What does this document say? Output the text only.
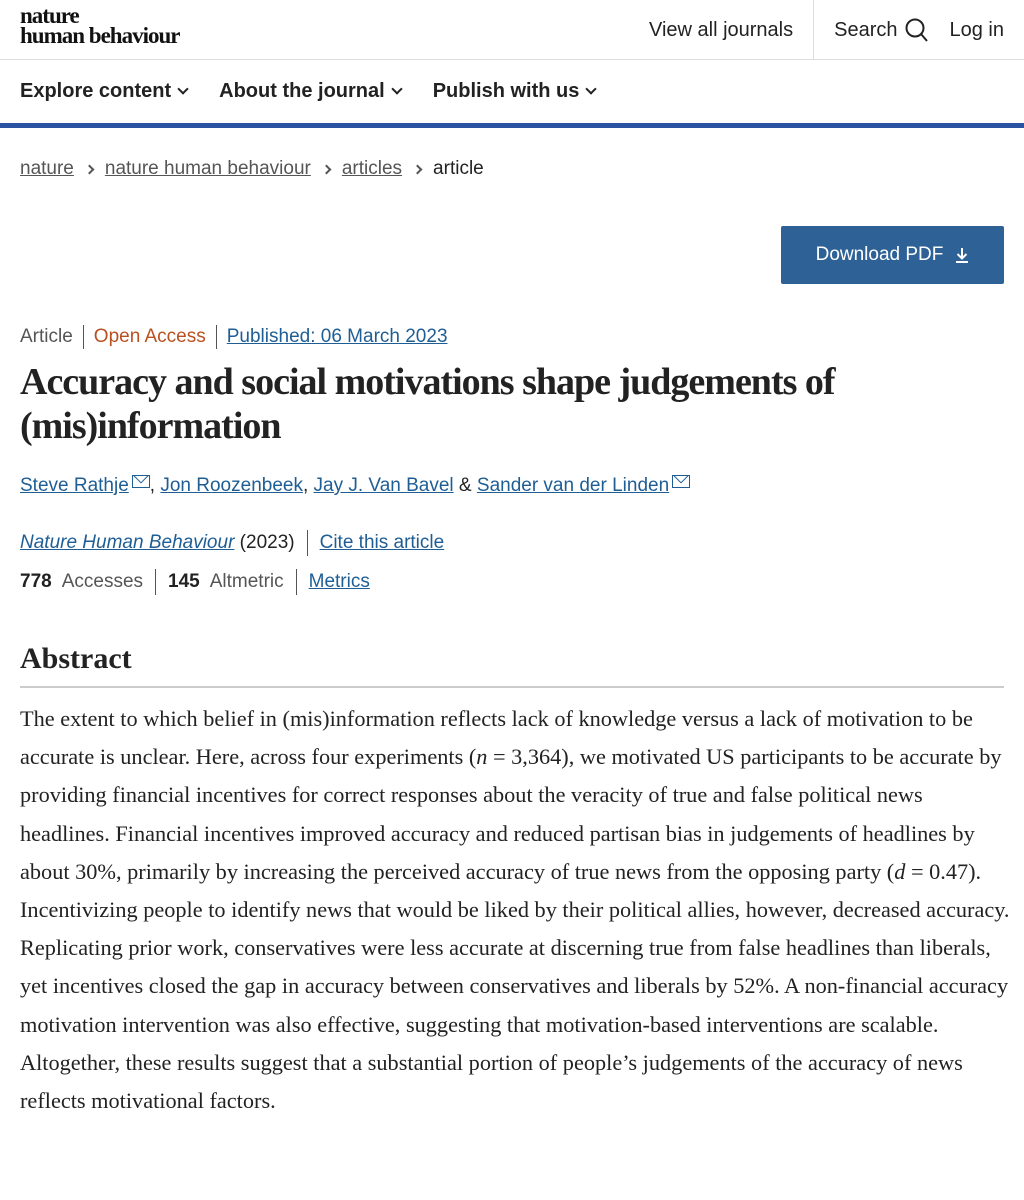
nature
human behaviour	View all journals	Search	Log in
Explore content About the journal Publish with us
nature nature human behaviour articles article
Download PDF
Article	Open Access	Published: 06 March 2023
Accuracy and social motivations shape judgements of (mis)information
Steve Rathje , Jon Roozenbeek, Jay J. Van Bavel & Sander van der Linden
Nature Human Behaviour
(2023) Cite this article
778 Accesses 145 Altmetric Metrics
Abstract

The extent to which belief in (mis)information reflects lack of knowledge versus a lack of motivation to be accurate is unclear. Here, across four experiments (n = 3,364), we motivated US participants to be accurate by providing financial incentives for correct responses about the veracity of true and false political news headlines. Financial incentives improved accuracy and reduced partisan bias in judgements of headlines by about 30%, primarily by increasing the perceived accuracy of true news from the opposing party (d = 0.47). Incentivizing people to identify news that would be liked by their political allies, however, decreased accuracy. Replicating prior work, conservatives were less accurate at discerning true from false headlines than liberals, yet incentives closed the gap in accuracy between conservatives and liberals by 52%. A non-financial accuracy motivation intervention was also effective, suggesting that motivation-based interventions are scalable. Altogether, these results suggest that a substantial portion of people’s judgements of the accuracy of news reflects motivational factors.
